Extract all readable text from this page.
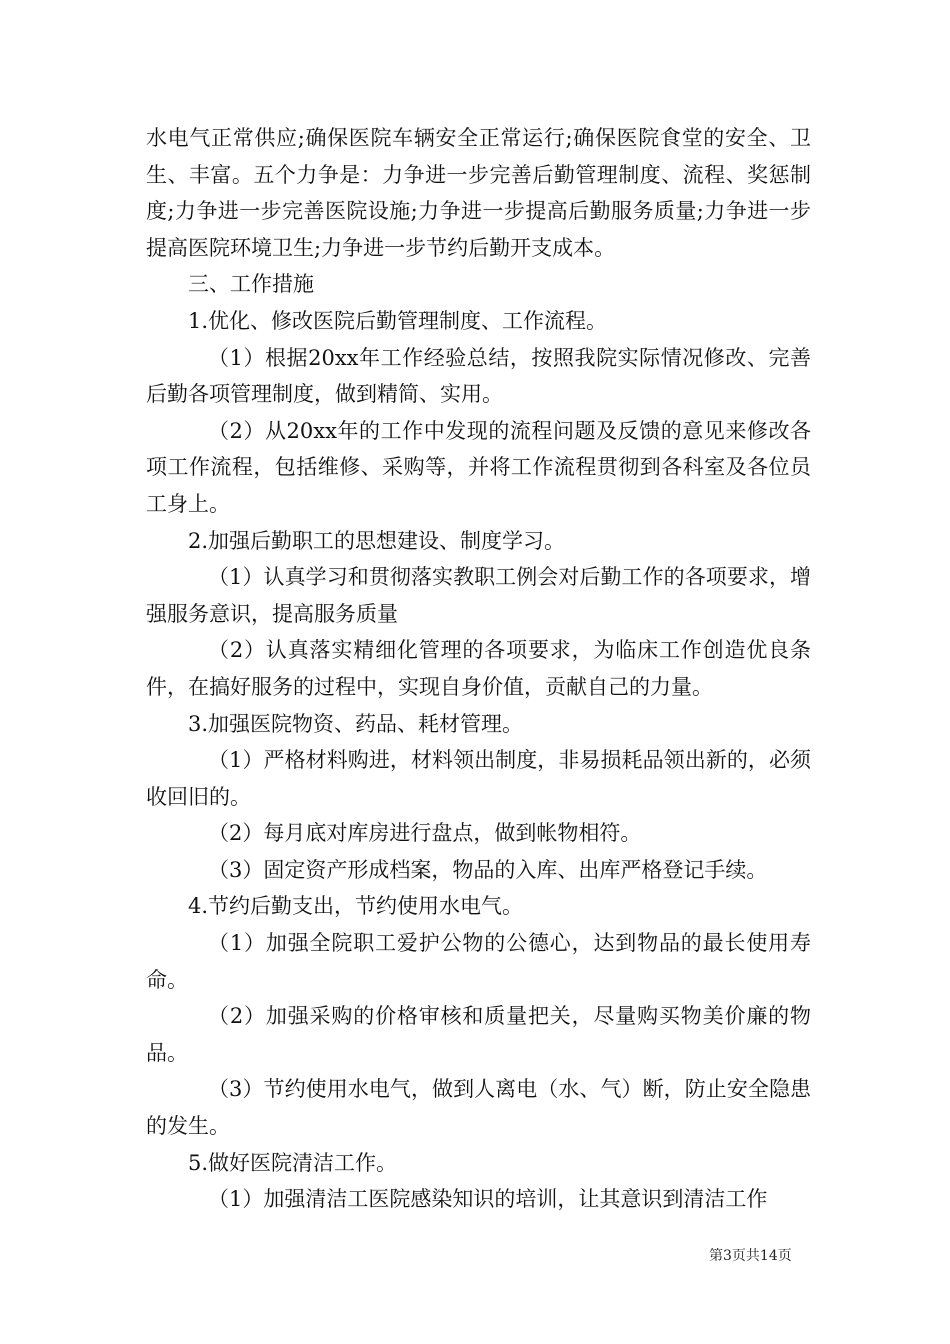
水电气正常供应;确保医院车辆安全正常运行;确保医院食堂的安全、卫生、丰富。五个力争是：力争进一步完善后勤管理制度、流程、奖惩制度;力争进一步完善医院设施;力争进一步提高后勤服务质量;力争进一步提高医院环境卫生;力争进一步节约后勤开支成本。

三、工作措施

1.优化、修改医院后勤管理制度、工作流程。

（1）根据20xx年工作经验总结，按照我院实际情况修改、完善后勤各项管理制度，做到精简、实用。

（2）从20xx年的工作中发现的流程问题及反馈的意见来修改各项工作流程，包括维修、采购等，并将工作流程贯彻到各科室及各位员工身上。

2.加强后勤职工的思想建设、制度学习。

（1）认真学习和贯彻落实教职工例会对后勤工作的各项要求，增强服务意识，提高服务质量

（2）认真落实精细化管理的各项要求，为临床工作创造优良条件，在搞好服务的过程中，实现自身价值，贡献自己的力量。

3.加强医院物资、药品、耗材管理。

（1）严格材料购进，材料领出制度，非易损耗品领出新的，必须收回旧的。

（2）每月底对库房进行盘点，做到帐物相符。

（3）固定资产形成档案，物品的入库、出库严格登记手续。

4.节约后勤支出，节约使用水电气。

（1）加强全院职工爱护公物的公德心，达到物品的最长使用寿命。

（2）加强采购的价格审核和质量把关，尽量购买物美价廉的物品。

（3）节约使用水电气，做到人离电（水、气）断，防止安全隐患的发生。

5.做好医院清洁工作。

（1）加强清洁工医院感染知识的培训，让其意识到清洁工作

第3页共14页
